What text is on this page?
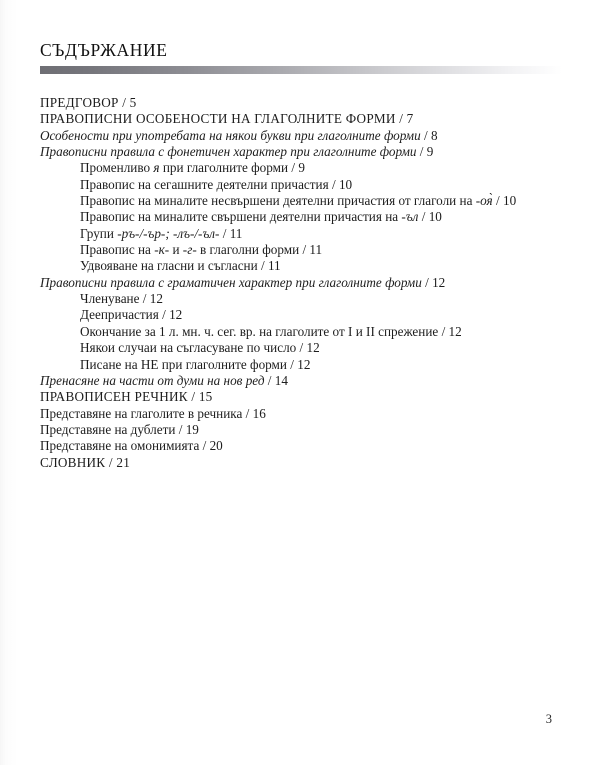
СЪДЪРЖАНИЕ
ПРЕДГОВОР / 5
ПРАВОПИСНИ ОСОБЕНОСТИ НА ГЛАГОЛНИТЕ ФОРМИ / 7
Особености при употребата на някои букви при глаголните форми / 8
Правописни правила с фонетичен характер при глаголните форми / 9
Променливо я при глаголните форми / 9
Правопис на сегашните деятелни причастия / 10
Правопис на миналите несвършени деятелни причастия от глаголи на -оя̀ / 10
Правопис на миналите свършени деятелни причастия на -ъл / 10
Групи -ръ-/-ър-; -лъ-/-ъл- / 11
Правопис на -к- и -г- в глаголни форми / 11
Удвояване на гласни и съгласни / 11
Правописни правила с граматичен характер при глаголните форми / 12
Членуване / 12
Деепричастия / 12
Окончание за 1 л. мн. ч. сег. вр. на глаголите от I и II спрежение / 12
Някои случаи на съгласуване по число / 12
Писане на НЕ при глаголните форми / 12
Пренасяне на части от думи на нов ред / 14
ПРАВОПИСЕН РЕЧНИК / 15
Представяне на глаголите в речника / 16
Представяне на дублети / 19
Представяне на омонимията / 20
СЛОВНИК / 21
3
